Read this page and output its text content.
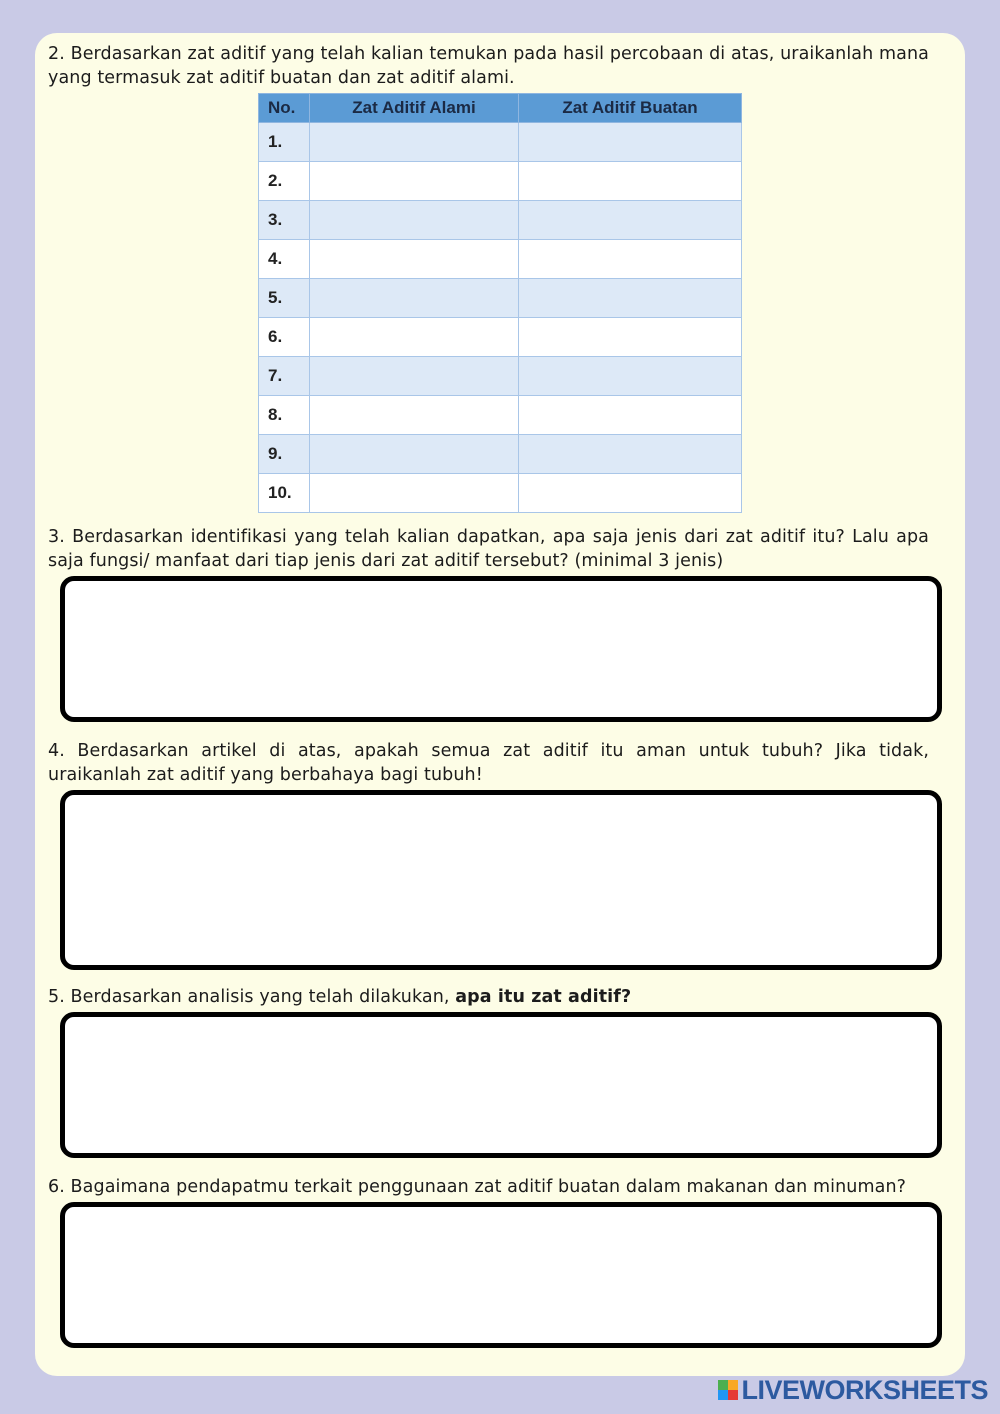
2. Berdasarkan zat aditif yang telah kalian temukan pada hasil percobaan di atas, uraikanlah mana yang termasuk zat aditif buatan dan zat aditif alami.
No.	Zat Aditif Alami	Zat Aditif Buatan
1.		
2.		
3.		
4.		
5.		
6.		
7.		
8.		
9.		
10.		
3. Berdasarkan identifikasi yang telah kalian dapatkan, apa saja jenis dari zat aditif itu? Lalu apa saja fungsi/ manfaat dari tiap jenis dari zat aditif tersebut? (minimal 3 jenis)
4. Berdasarkan artikel di atas, apakah semua zat aditif itu aman untuk tubuh? Jika tidak, uraikanlah zat aditif yang berbahaya bagi tubuh!
5. Berdasarkan analisis yang telah dilakukan, apa itu zat aditif?
6. Bagaimana pendapatmu terkait penggunaan zat aditif buatan dalam makanan dan minuman?
LIVEWORKSHEETS
